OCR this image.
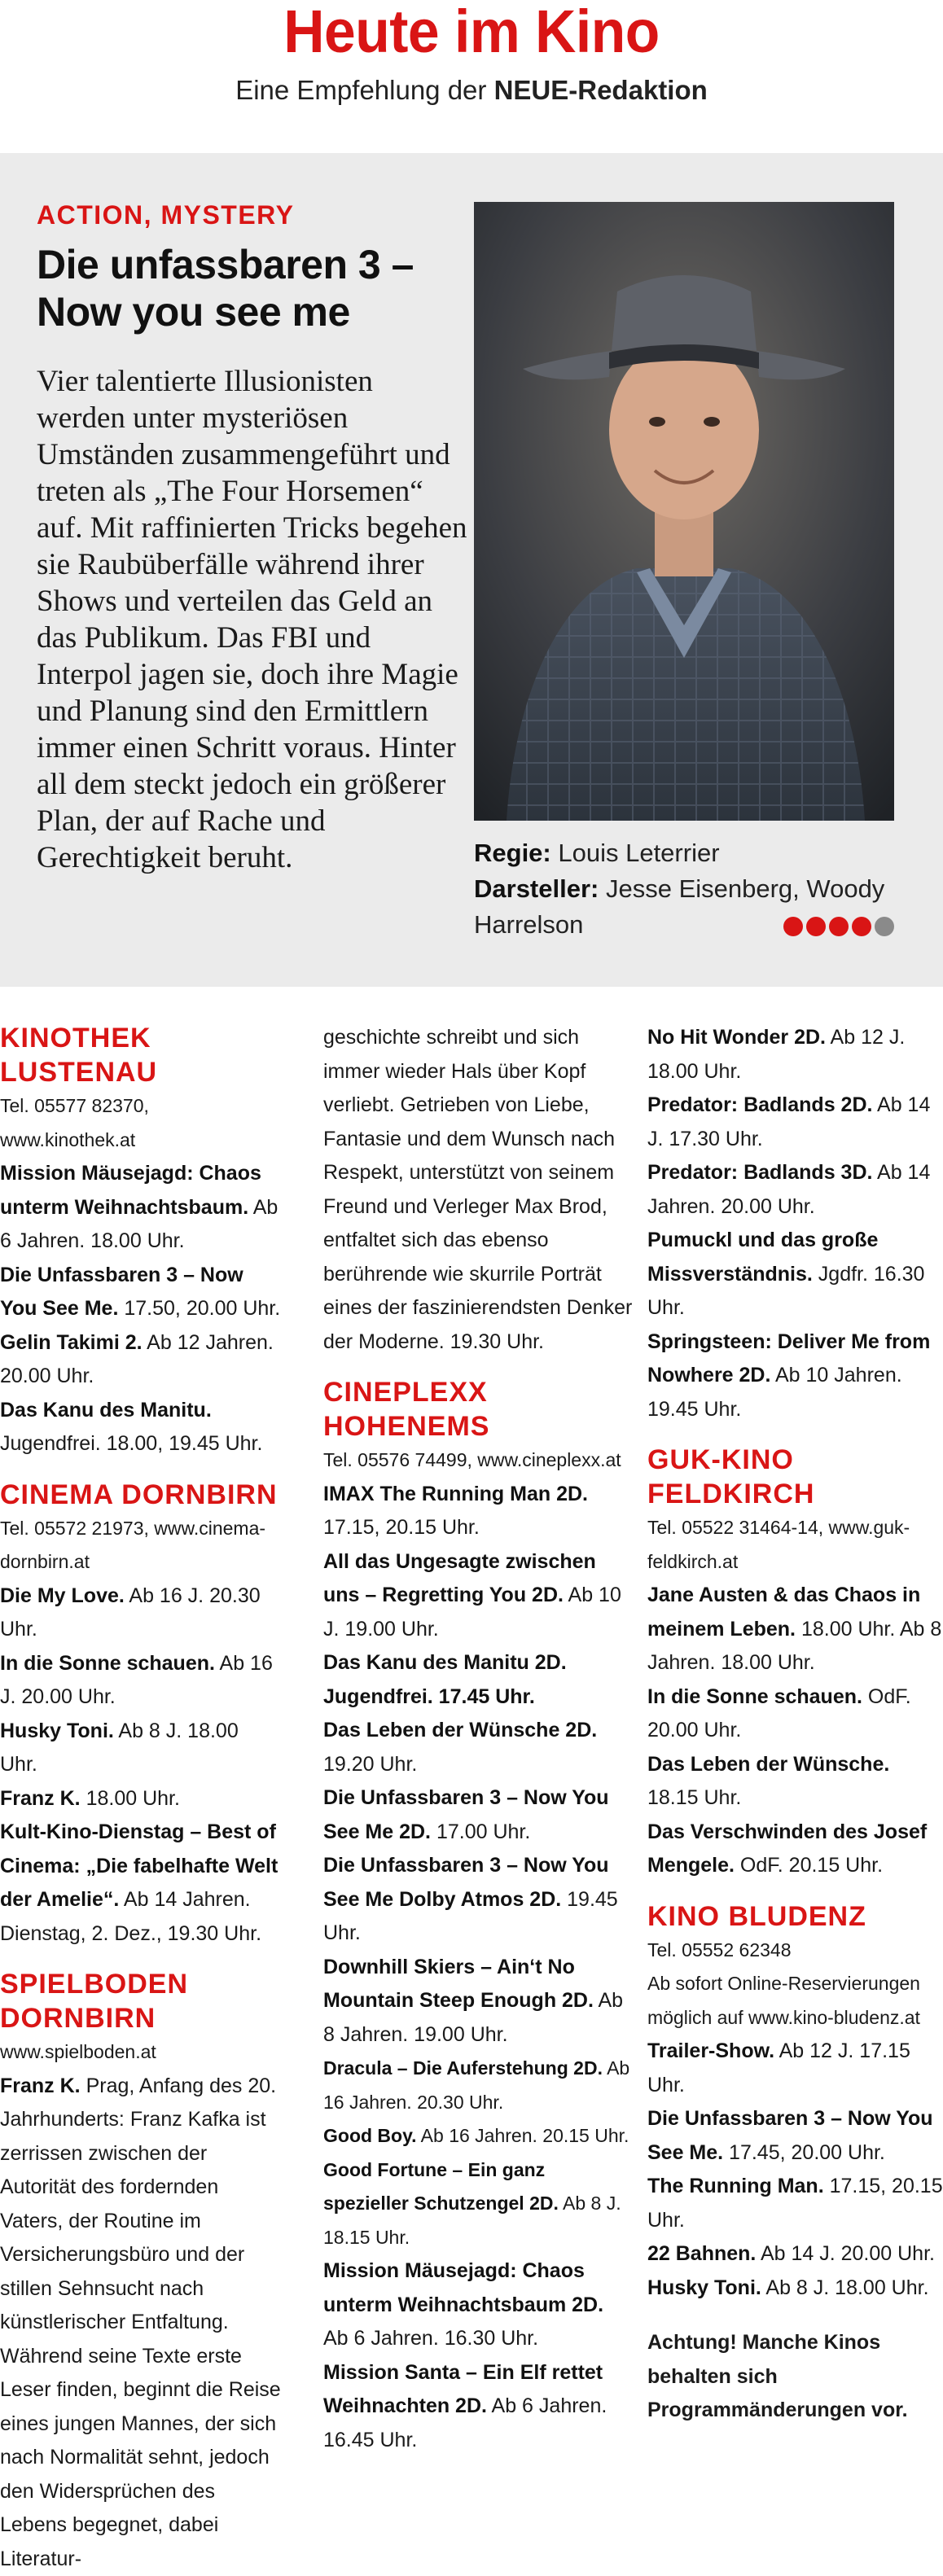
Heute im Kino
Eine Empfehlung der NEUE-Redaktion
ACTION, MYSTERY
Die unfassbaren 3 – Now you see me
Vier talentierte Illusionisten werden unter mysteriösen Umständen zusammengeführt und treten als „The Four Horsemen“ auf. Mit raffinierten Tricks begehen sie Raubüberfälle während ihrer Shows und verteilen das Geld an das Publikum. Das FBI und Interpol jagen sie, doch ihre Magie und Planung sind den Ermittlern immer einen Schritt voraus. Hinter all dem steckt jedoch ein größerer Plan, der auf Rache und Gerechtigkeit beruht.	Regie: Louis Leterrier
Darsteller: Jesse Eisenberg, Woody Harrelson
KINOTHEK LUSTENAU
Tel. 05577 82370, www.kinothek.at
Mission Mäusejagd: Chaos unterm Weihnachtsbaum. Ab 6 Jahren. 18.00 Uhr.
Die Unfassbaren 3 – Now You See Me. 17.50, 20.00 Uhr.
Gelin Takimi 2. Ab 12 Jahren. 20.00 Uhr.
Das Kanu des Manitu. Jugendfrei. 18.00, 19.45 Uhr.
CINEMA DORNBIRN
Tel. 05572 21973, www.cinema-dornbirn.at
Die My Love. Ab 16 J. 20.30 Uhr.
In die Sonne schauen. Ab 16 J. 20.00 Uhr.
Husky Toni. Ab 8 J. 18.00 Uhr.
Franz K. 18.00 Uhr.
Kult-Kino-Dienstag – Best of Cinema: „Die fabelhafte Welt der Amelie“. Ab 14 Jahren. Dienstag, 2. Dez., 19.30 Uhr.
SPIELBODEN DORNBIRN
www.spielboden.at
Franz K. Prag, Anfang des 20. Jahrhunderts: Franz Kafka ist zerrissen zwischen der Autorität des fordernden Vaters, der Routine im Versicherungsbüro und der stillen Sehnsucht nach künstlerischer Entfaltung. Während seine Texte erste Leser finden, beginnt die Reise eines jungen Mannes, der sich nach Normalität sehnt, jedoch den Widersprüchen des Lebens begegnet, dabei Literatur-
geschichte schreibt und sich immer wieder Hals über Kopf verliebt. Getrieben von Liebe, Fantasie und dem Wunsch nach Respekt, unterstützt von seinem Freund und Verleger Max Brod, entfaltet sich das ebenso berührende wie skurrile Porträt eines der faszinierendsten Denker der Moderne. 19.30 Uhr.
CINEPLEXX HOHENEMS
Tel. 05576 74499, www.cineplexx.at
IMAX The Running Man 2D. 17.15, 20.15 Uhr.
All das Ungesagte zwischen uns – Regretting You 2D. Ab 10 J. 19.00 Uhr.
Das Kanu des Manitu 2D. Jugendfrei. 17.45 Uhr.
Das Leben der Wünsche 2D. 19.20 Uhr.
Die Unfassbaren 3 – Now You See Me 2D. 17.00 Uhr.
Die Unfassbaren 3 – Now You See Me Dolby Atmos 2D. 19.45 Uhr.
Downhill Skiers – Ain‘t No Mountain Steep Enough 2D. Ab 8 Jahren. 19.00 Uhr.
Dracula – Die Auferstehung 2D. Ab 16 Jahren. 20.30 Uhr.
Good Boy. Ab 16 Jahren. 20.15 Uhr.
Good Fortune – Ein ganz spezieller Schutzengel 2D. Ab 8 J. 18.15 Uhr.
Mission Mäusejagd: Chaos unterm Weihnachtsbaum 2D. Ab 6 Jahren. 16.30 Uhr.
Mission Santa – Ein Elf rettet Weihnachten 2D. Ab 6 Jahren. 16.45 Uhr.
No Hit Wonder 2D. Ab 12 J. 18.00 Uhr.
Predator: Badlands 2D. Ab 14 J. 17.30 Uhr.
Predator: Badlands 3D. Ab 14 Jahren. 20.00 Uhr.
Pumuckl und das große Missverständnis. Jgdfr. 16.30 Uhr.
Springsteen: Deliver Me from Nowhere 2D. Ab 10 Jahren. 19.45 Uhr.
GUK-KINO FELDKIRCH
Tel. 05522 31464-14, www.guk-feldkirch.at
Jane Austen & das Chaos in meinem Leben. 18.00 Uhr. Ab 8 Jahren. 18.00 Uhr.
In die Sonne schauen. OdF. 20.00 Uhr.
Das Leben der Wünsche. 18.15 Uhr.
Das Verschwinden des Josef Mengele. OdF. 20.15 Uhr.
KINO BLUDENZ
Tel. 05552 62348
Ab sofort Online-Reservierungen möglich auf www.kino-bludenz.at
Trailer-Show. Ab 12 J. 17.15 Uhr.
Die Unfassbaren 3 – Now You See Me. 17.45, 20.00 Uhr.
The Running Man. 17.15, 20.15 Uhr.
22 Bahnen. Ab 14 J. 20.00 Uhr.
Husky Toni. Ab 8 J. 18.00 Uhr.
Achtung! Manche Kinos behalten sich Programmänderungen vor.
